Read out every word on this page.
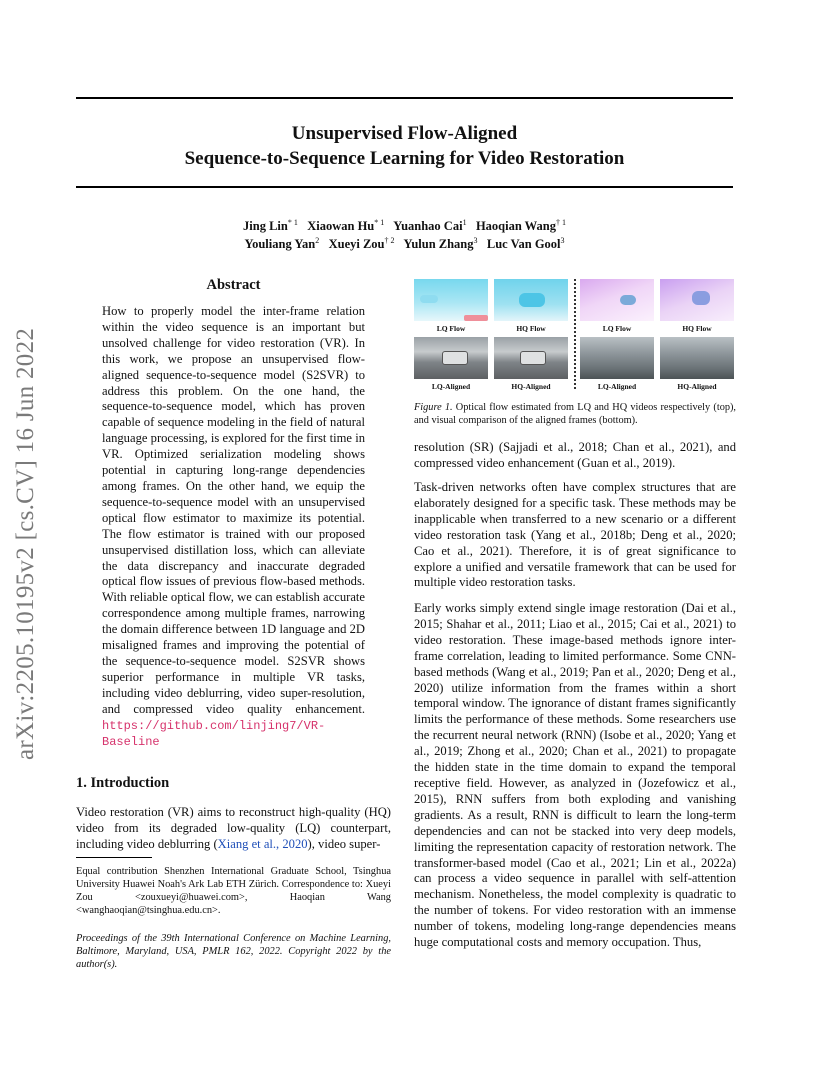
arXiv:2205.10195v2 [cs.CV] 16 Jun 2022
Unsupervised Flow-Aligned
Sequence-to-Sequence Learning for Video Restoration
Jing Lin$^{* 1}$ Xiaowan Hu$^{* 1}$ Yuanhao Cai$^1$ Haoqian Wang$^{\dagger 1}$
Youliang Yan$^2$ Xueyi Zou$^{\dagger 2}$ Yulun Zhang$^3$ Luc Van Gool$^3$
Abstract

How to properly model the inter-frame relation within the video sequence is an important but unsolved challenge for video restoration (VR). In this work, we propose an unsupervised flow-aligned sequence-to-sequence model (S2SVR) to address this problem. On the one hand, the sequence-to-sequence model, which has proven capable of sequence modeling in the field of natural language processing, is explored for the first time in VR. Optimized serialization modeling shows potential in capturing long-range dependencies among frames. On the other hand, we equip the sequence-to-sequence model with an unsupervised optical flow estimator to maximize its potential. The flow estimator is trained with our proposed unsupervised distillation loss, which can alleviate the data discrepancy and inaccurate degraded optical flow issues of previous flow-based methods. With reliable optical flow, we can establish accurate correspondence among multiple frames, narrowing the domain difference between 1D language and 2D misaligned frames and improving the potential of the sequence-to-sequence model. S2SVR shows superior performance in multiple VR tasks, including video deblurring, video super-resolution, and compressed video quality enhancement. https://github.com/linjing7/VR-Baseline

1. Introduction

Video restoration (VR) aims to reconstruct high-quality (HQ) video from its degraded low-quality (LQ) counterpart, including video deblurring (Xiang et al., 2020), video super-

Equal contribution Shenzhen International Graduate School, Tsinghua University Huawei Noah's Ark Lab ETH Zürich. Correspondence to: Xueyi Zou <zouxueyi@huawei.com>, Haoqian Wang <wanghaoqian@tsinghua.edu.cn>.
Proceedings of the 39th International Conference on Machine Learning, Baltimore, Maryland, USA, PMLR 162, 2022. Copyright 2022 by the author(s).
LQ Flow	HQ Flow	LQ Flow	HQ Flow
LQ-Aligned	HQ-Aligned	LQ-Aligned	HQ-Aligned
Figure 1. Optical flow estimated from LQ and HQ videos respectively (top), and visual comparison of the aligned frames (bottom).
resolution (SR) (Sajjadi et al., 2018; Chan et al., 2021), and compressed video enhancement (Guan et al., 2019).
Task-driven networks often have complex structures that are elaborately designed for a specific task. These methods may be inapplicable when transferred to a new scenario or a different video restoration task (Yang et al., 2018b; Deng et al., 2020; Cao et al., 2021). Therefore, it is of great significance to explore a unified and versatile framework that can be used for multiple video restoration tasks.
Early works simply extend single image restoration (Dai et al., 2015; Shahar et al., 2011; Liao et al., 2015; Cai et al., 2021) to video restoration. These image-based methods ignore inter-frame correlation, leading to limited performance. Some CNN-based methods (Wang et al., 2019; Pan et al., 2020; Deng et al., 2020) utilize information from the frames within a short temporal window. The ignorance of distant frames significantly limits the performance of these methods. Some researchers use the recurrent neural network (RNN) (Isobe et al., 2020; Yang et al., 2019; Zhong et al., 2020; Chan et al., 2021) to propagate the hidden state in the time domain to expand the temporal receptive field. However, as analyzed in (Jozefowicz et al., 2015), RNN suffers from both exploding and vanishing gradients. As a result, RNN is difficult to learn the long-term dependencies and can not be stacked into very deep models, limiting the representation capacity of restoration network. The transformer-based model (Cao et al., 2021; Lin et al., 2022a) can process a video sequence in parallel with self-attention mechanism. Nonetheless, the model complexity is quadratic to the number of tokens. For video restoration with an immense number of tokens, modeling long-range dependencies means huge computational costs and memory occupation. Thus,
